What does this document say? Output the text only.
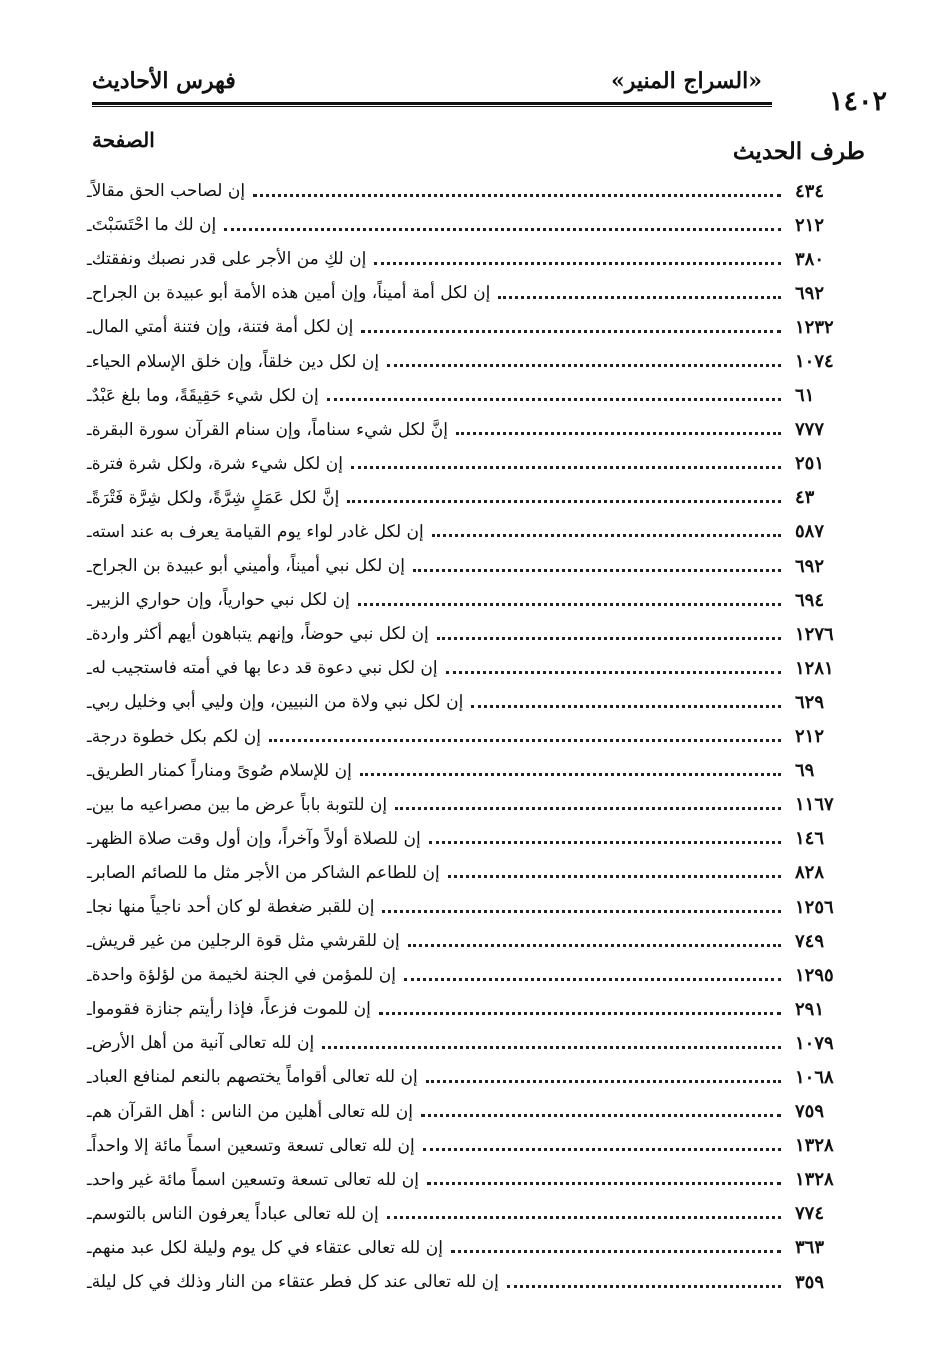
١٤٠٢
«السراج المنير»
فهرس الأحاديث
الصفحة	طرف الحديث
ـ إن لصاحب الحق مقالاً	٤٣٤
ـ إن لك ما احْتَسَبْتَ	٢١٢
ـ إن لكِ من الأجر على قدر نصبك ونفقتك	٣٨٠
ـ إن لكل أمة أميناً، وإن أمين هذه الأمة أبو عبيدة بن الجراح	٦٩٢
ـ إن لكل أمة فتنة، وإن فتنة أمتي المال	١٢٣٢
ـ إن لكل دين خلقاً، وإن خلق الإسلام الحياء	١٠٧٤
ـ إن لكل شيء حَقِيقَةً، وما بلغ عَبْدٌ	٦١
ـ إنَّ لكل شيء سناماً، وإن سنام القرآن سورة البقرة	٧٧٧
ـ إن لكل شيء شرة، ولكل شرة فترة	٢٥١
ـ إنَّ لكل عَمَلٍ شِرَّةً، ولكل شِرَّة فَتْرَةً	٤٣
ـ إن لكل غادر لواء يوم القيامة يعرف به عند استه	٥٨٧
ـ إن لكل نبي أميناً، وأميني أبو عبيدة بن الجراح	٦٩٢
ـ إن لكل نبي حوارياً، وإن حواري الزبير	٦٩٤
ـ إن لكل نبي حوضاً، وإنهم يتباهون أيهم أكثر واردة	١٢٧٦
ـ إن لكل نبي دعوة قد دعا بها في أمته فاستجيب له	١٢٨١
ـ إن لكل نبي ولاة من النبيين، وإن وليي أبي وخليل ربي	٦٢٩
ـ إن لكم بكل خطوة درجة	٢١٢
ـ إن للإسلام صُوىً ومناراً كمنار الطريق	٦٩
ـ إن للتوبة باباً عرض ما بين مصراعيه ما بين	١١٦٧
ـ إن للصلاة أولاً وآخراً، وإن أول وقت صلاة الظهر	١٤٦
ـ إن للطاعم الشاكر من الأجر مثل ما للصائم الصابر	٨٢٨
ـ إن للقبر ضغطة لو كان أحد ناجياً منها نجا	١٢٥٦
ـ إن للقرشي مثل قوة الرجلين من غير قريش	٧٤٩
ـ إن للمؤمن في الجنة لخيمة من لؤلؤة واحدة	١٢٩٥
ـ إن للموت فزعاً، فإذا رأيتم جنازة فقوموا	٢٩١
ـ إن لله تعالى آنية من أهل الأرض	١٠٧٩
ـ إن لله تعالى أقواماً يختصهم بالنعم لمنافع العباد	١٠٦٨
ـ إن لله تعالى أهلين من الناس : أهل القرآن هم	٧٥٩
ـ إن لله تعالى تسعة وتسعين اسماً مائة إلا واحداً	١٣٢٨
ـ إن لله تعالى تسعة وتسعين اسماً مائة غير واحد	١٣٢٨
ـ إن لله تعالى عباداً يعرفون الناس بالتوسم	٧٧٤
ـ إن لله تعالى عتقاء في كل يوم وليلة لكل عبد منهم	٣٦٣
ـ إن لله تعالى عند كل فطر عتقاء من النار وذلك في كل ليلة	٣٥٩
